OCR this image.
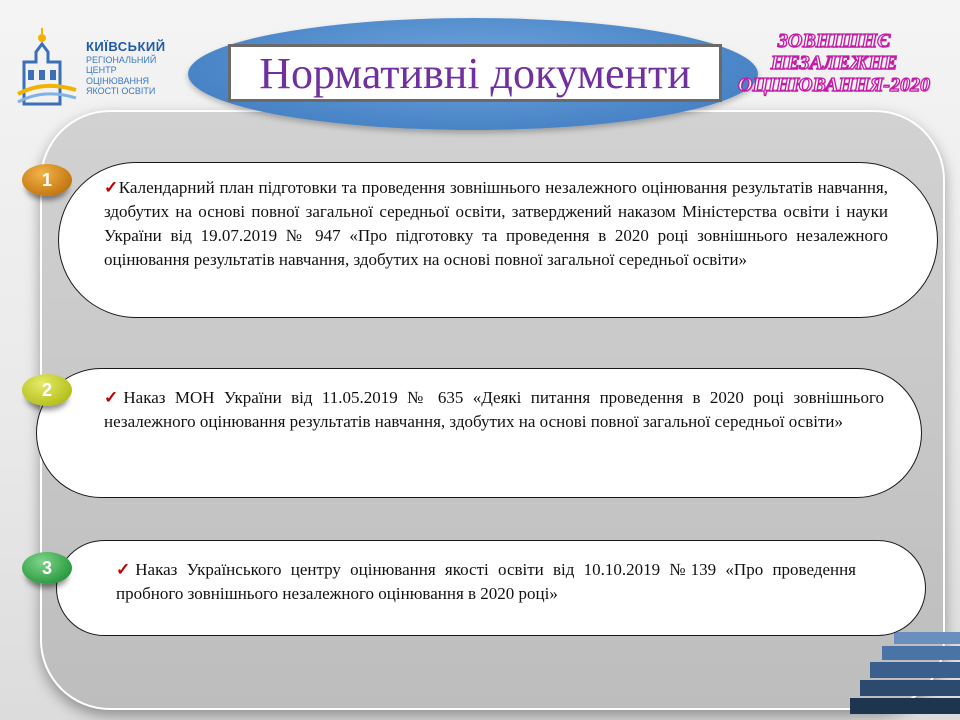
КИЇВСЬКИЙ
РЕГІОНАЛЬНИЙ
ЦЕНТР ОЦІНЮВАННЯ
ЯКОСТІ ОСВІТИ	Нормативні документи
ЗОВНІШНЄ
НЕЗАЛЕЖНЕ
ОЦІНЮВАННЯ-2020
✓Календарний план підготовки та проведення зовнішнього незалежного оцінювання результатів навчання, здобутих на основі повної загальної середньої освіти, затверджений наказом Міністерства освіти і науки України від 19.07.2019 № 947 «Про підготовку та проведення в 2020 році зовнішнього незалежного оцінювання результатів навчання, здобутих на основі повної загальної середньої освіти»
1
✓Наказ МОН України від 11.05.2019 № 635 «Деякі питання проведення в 2020 році зовнішнього незалежного оцінювання результатів навчання, здобутих на основі повної загальної середньої освіти»
2
✓Наказ Українського центру оцінювання якості освіти від 10.10.2019 №139 «Про проведення пробного зовнішнього незалежного оцінювання в 2020 році»
3
